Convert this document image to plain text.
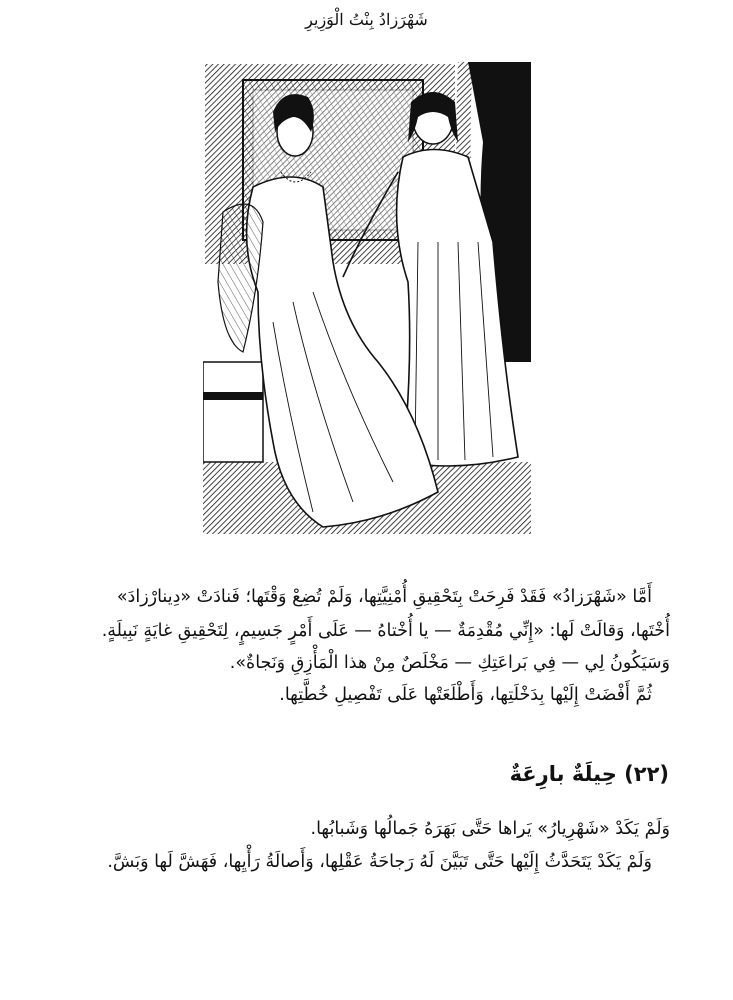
شَهْرَزادُ بِنْتُ الْوَزِيرِ
أَمَّا «شَهْرَزادُ» فَقَدْ فَرِحَتْ بِتَحْقِيقِ أُمْنِيَّتِها، وَلَمْ تُضِعْ وَقْتَها؛ فَنادَتْ «دِينارْزادَ»
أُخْتَها، وَقالَتْ لَها: «إِنِّي مُقْدِمَةٌ — يا أُخْتاهُ — عَلَى أَمْرٍ جَسِيمٍ، لِتَحْقِيقِ غايَةٍ نَبِيلَةٍ.
وَسَيَكُونُ لِي — فِي بَراعَتِكِ — مَخْلَصٌ مِنْ هذا الْمَأْزِقِ وَنَجاةٌ».
ثُمَّ أَفْضَتْ إِلَيْها بِدَخْلَتِها، وَأَطْلَعَتْها عَلَى تَفْصِيلِ خُطَّتِها.
(٢٢) حِيلَةٌ بارِعَةٌ
وَلَمْ يَكَدْ «شَهْرِيارُ» يَراها حَتَّى بَهَرَهُ جَمالُها وَشَبابُها.
وَلَمْ يَكَدْ يَتَحَدَّثُ إِلَيْها حَتَّى تَبَيَّنَ لَهُ رَجاحَةُ عَقْلِها، وَأَصالَةُ رَأْيِها، فَهَشَّ لَها وَبَشَّ.
